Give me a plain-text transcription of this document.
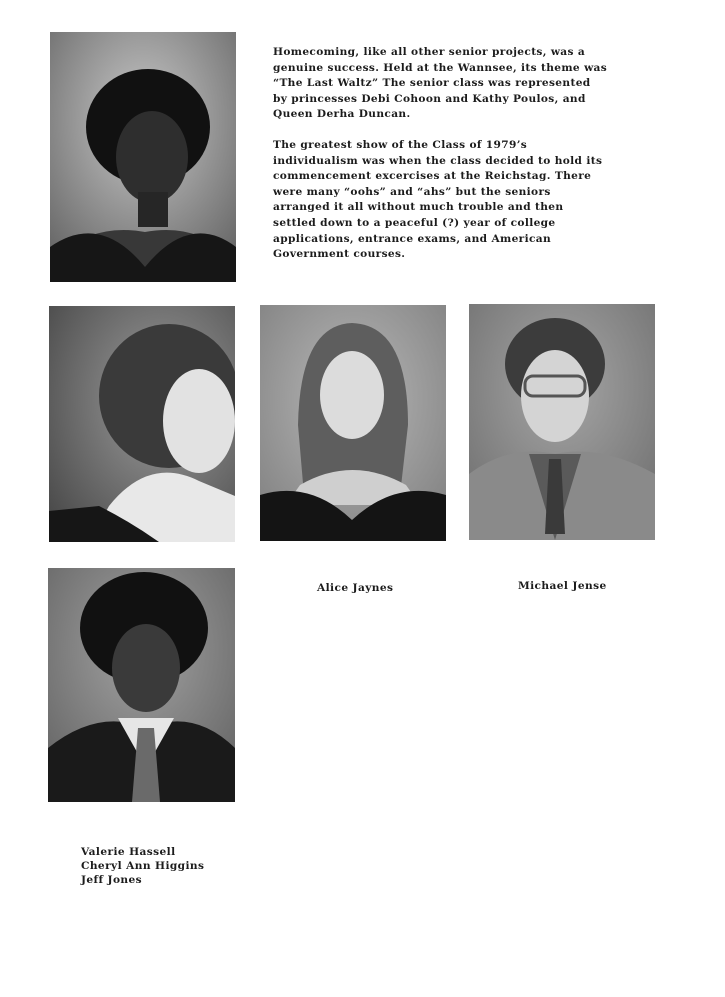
Homecoming, like all other senior projects, was a genuine success. Held at the Wannsee, its theme was “The Last Waltz” The senior class was represented by princesses Debi Cohoon and Kathy Poulos, and Queen Derha Duncan.

The greatest show of the Class of 1979’s individualism was when the class decided to hold its commencement excercises at the Reichstag. There were many “oohs” and “ahs” but the seniors arranged it all without much trouble and then settled down to a peaceful (?) year of college applications, entrance exams, and American Government courses.

Alice Jaynes	Michael Jense
Valerie Hassell
Cheryl Ann Higgins
Jeff Jones
